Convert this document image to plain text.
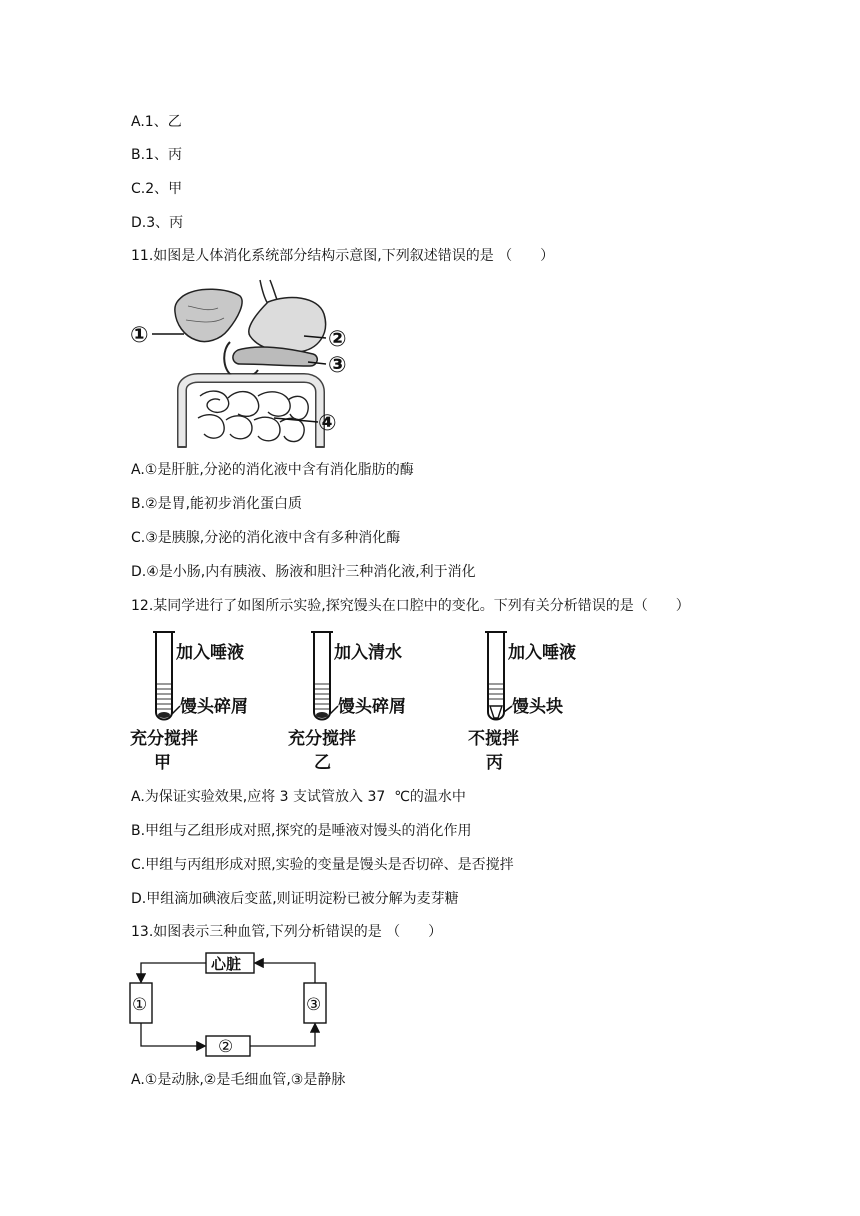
A.1、乙
B.1、丙
C.2、甲
D.3、丙
11.如图是人体消化系统部分结构示意图,下列叙述错误的是 （　　）
①	②
③
④
A.①是肝脏,分泌的消化液中含有消化脂肪的酶
B.②是胃,能初步消化蛋白质
C.③是胰腺,分泌的消化液中含有多种消化酶
D.④是小肠,内有胰液、肠液和胆汁三种消化液,利于消化
12.某同学进行了如图所示实验,探究馒头在口腔中的变化。下列有关分析错误的是（　　）
加入唾液
馒头碎屑
充分搅拌
甲
加入清水
馒头碎屑
充分搅拌
乙
加入唾液
馒头块
不搅拌
丙
A.为保证实验效果,应将 3 支试管放入 37  ℃的温水中
B.甲组与乙组形成对照,探究的是唾液对馒头的消化作用
C.甲组与丙组形成对照,实验的变量是馒头是否切碎、是否搅拌
D.甲组滴加碘液后变蓝,则证明淀粉已被分解为麦芽糖
13.如图表示三种血管,下列分析错误的是 （　　）
心脏
①	③
②
A.①是动脉,②是毛细血管,③是静脉
